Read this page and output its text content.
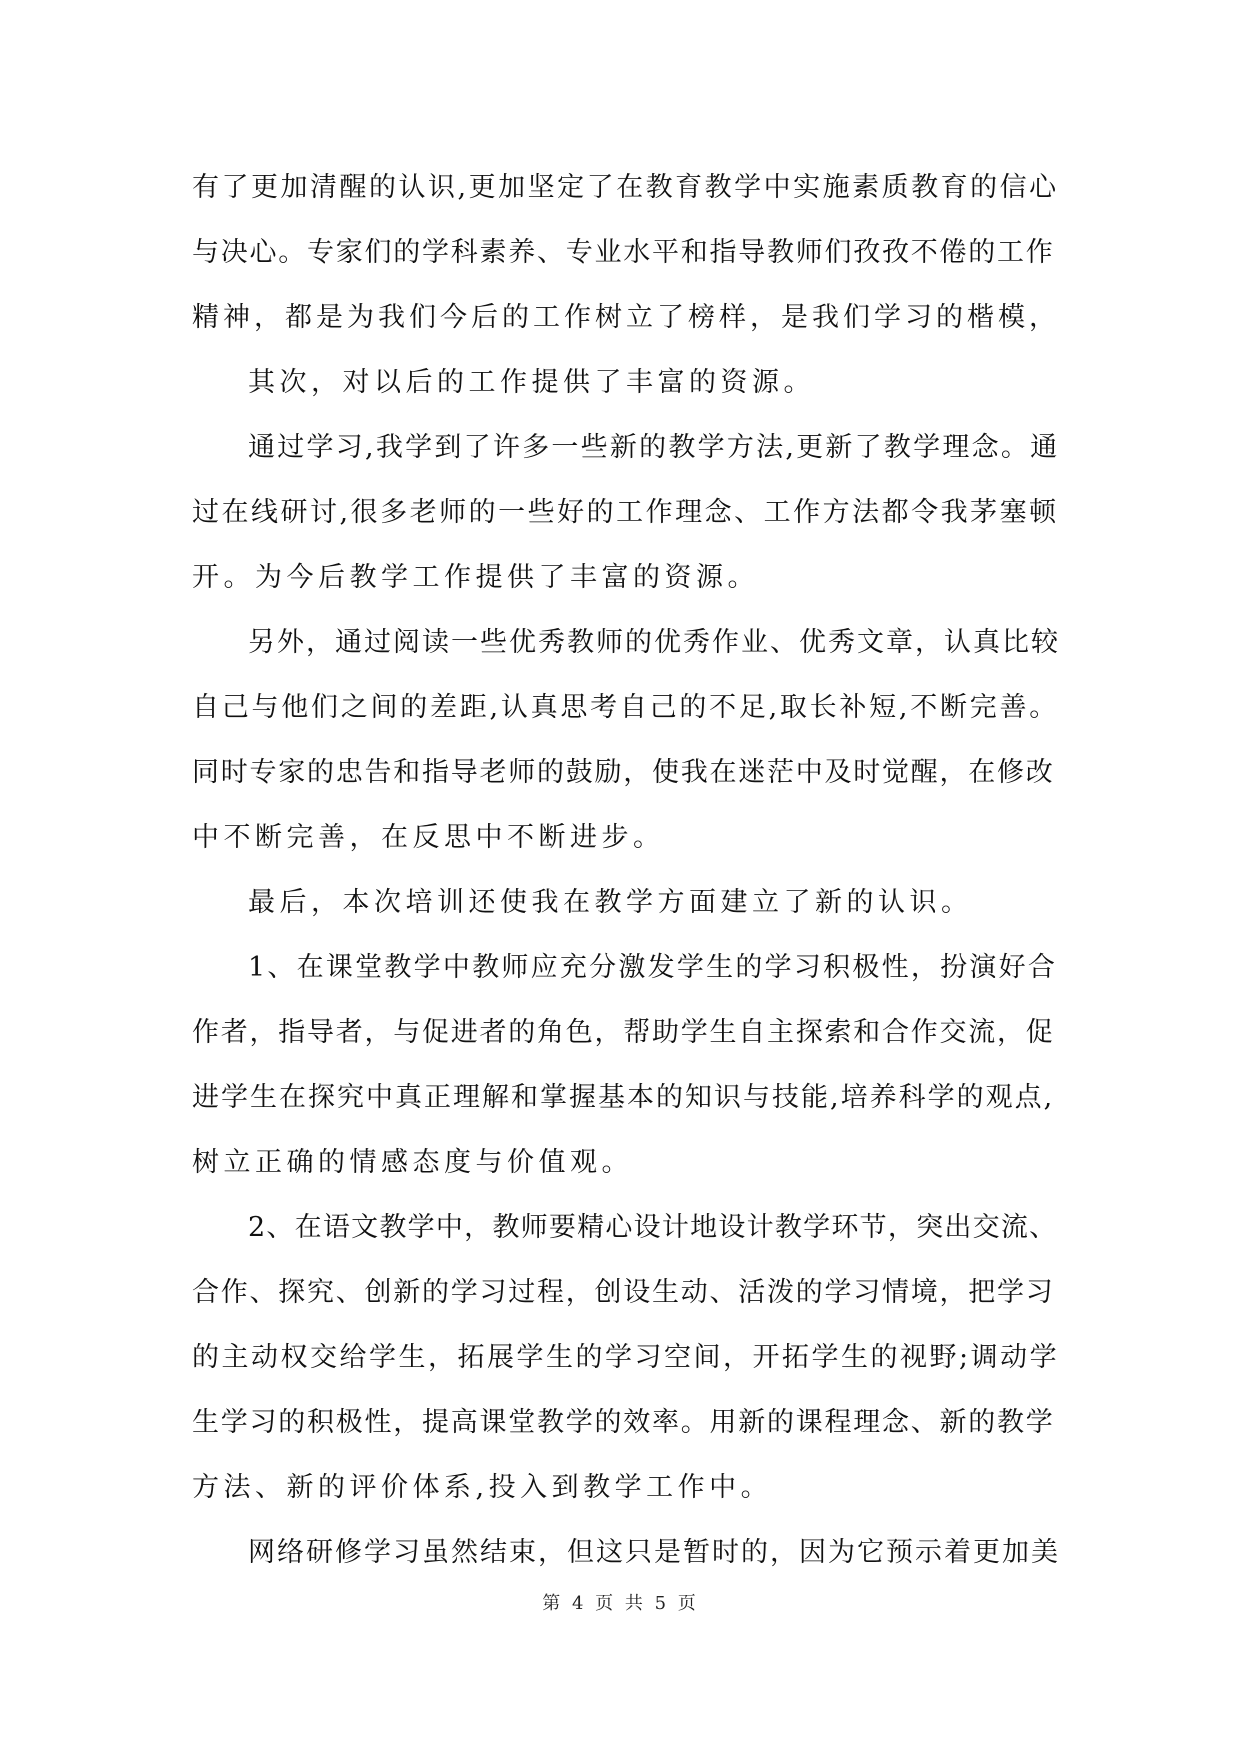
有了更加清醒的认识,更加坚定了在教育教学中实施素质教育的信心
与决心。专家们的学科素养、专业水平和指导教师们孜孜不倦的工作
精神，都是为我们今后的工作树立了榜样，是我们学习的楷模，
其次，对以后的工作提供了丰富的资源。
通过学习,我学到了许多一些新的教学方法,更新了教学理念。通
过在线研讨,很多老师的一些好的工作理念、工作方法都令我茅塞顿
开。为今后教学工作提供了丰富的资源。
另外，通过阅读一些优秀教师的优秀作业、优秀文章，认真比较
自己与他们之间的差距,认真思考自己的不足,取长补短,不断完善。
同时专家的忠告和指导老师的鼓励，使我在迷茫中及时觉醒，在修改
中不断完善，在反思中不断进步。
最后，本次培训还使我在教学方面建立了新的认识。
1、在课堂教学中教师应充分激发学生的学习积极性，扮演好合
作者，指导者，与促进者的角色，帮助学生自主探索和合作交流，促
进学生在探究中真正理解和掌握基本的知识与技能,培养科学的观点,
树立正确的情感态度与价值观。
2、在语文教学中，教师要精心设计地设计教学环节，突出交流、
合作、探究、创新的学习过程，创设生动、活泼的学习情境，把学习
的主动权交给学生，拓展学生的学习空间，开拓学生的视野;调动学
生学习的积极性，提高课堂教学的效率。用新的课程理念、新的教学
方法、新的评价体系,投入到教学工作中。
网络研修学习虽然结束，但这只是暂时的，因为它预示着更加美
第 4 页 共 5 页
